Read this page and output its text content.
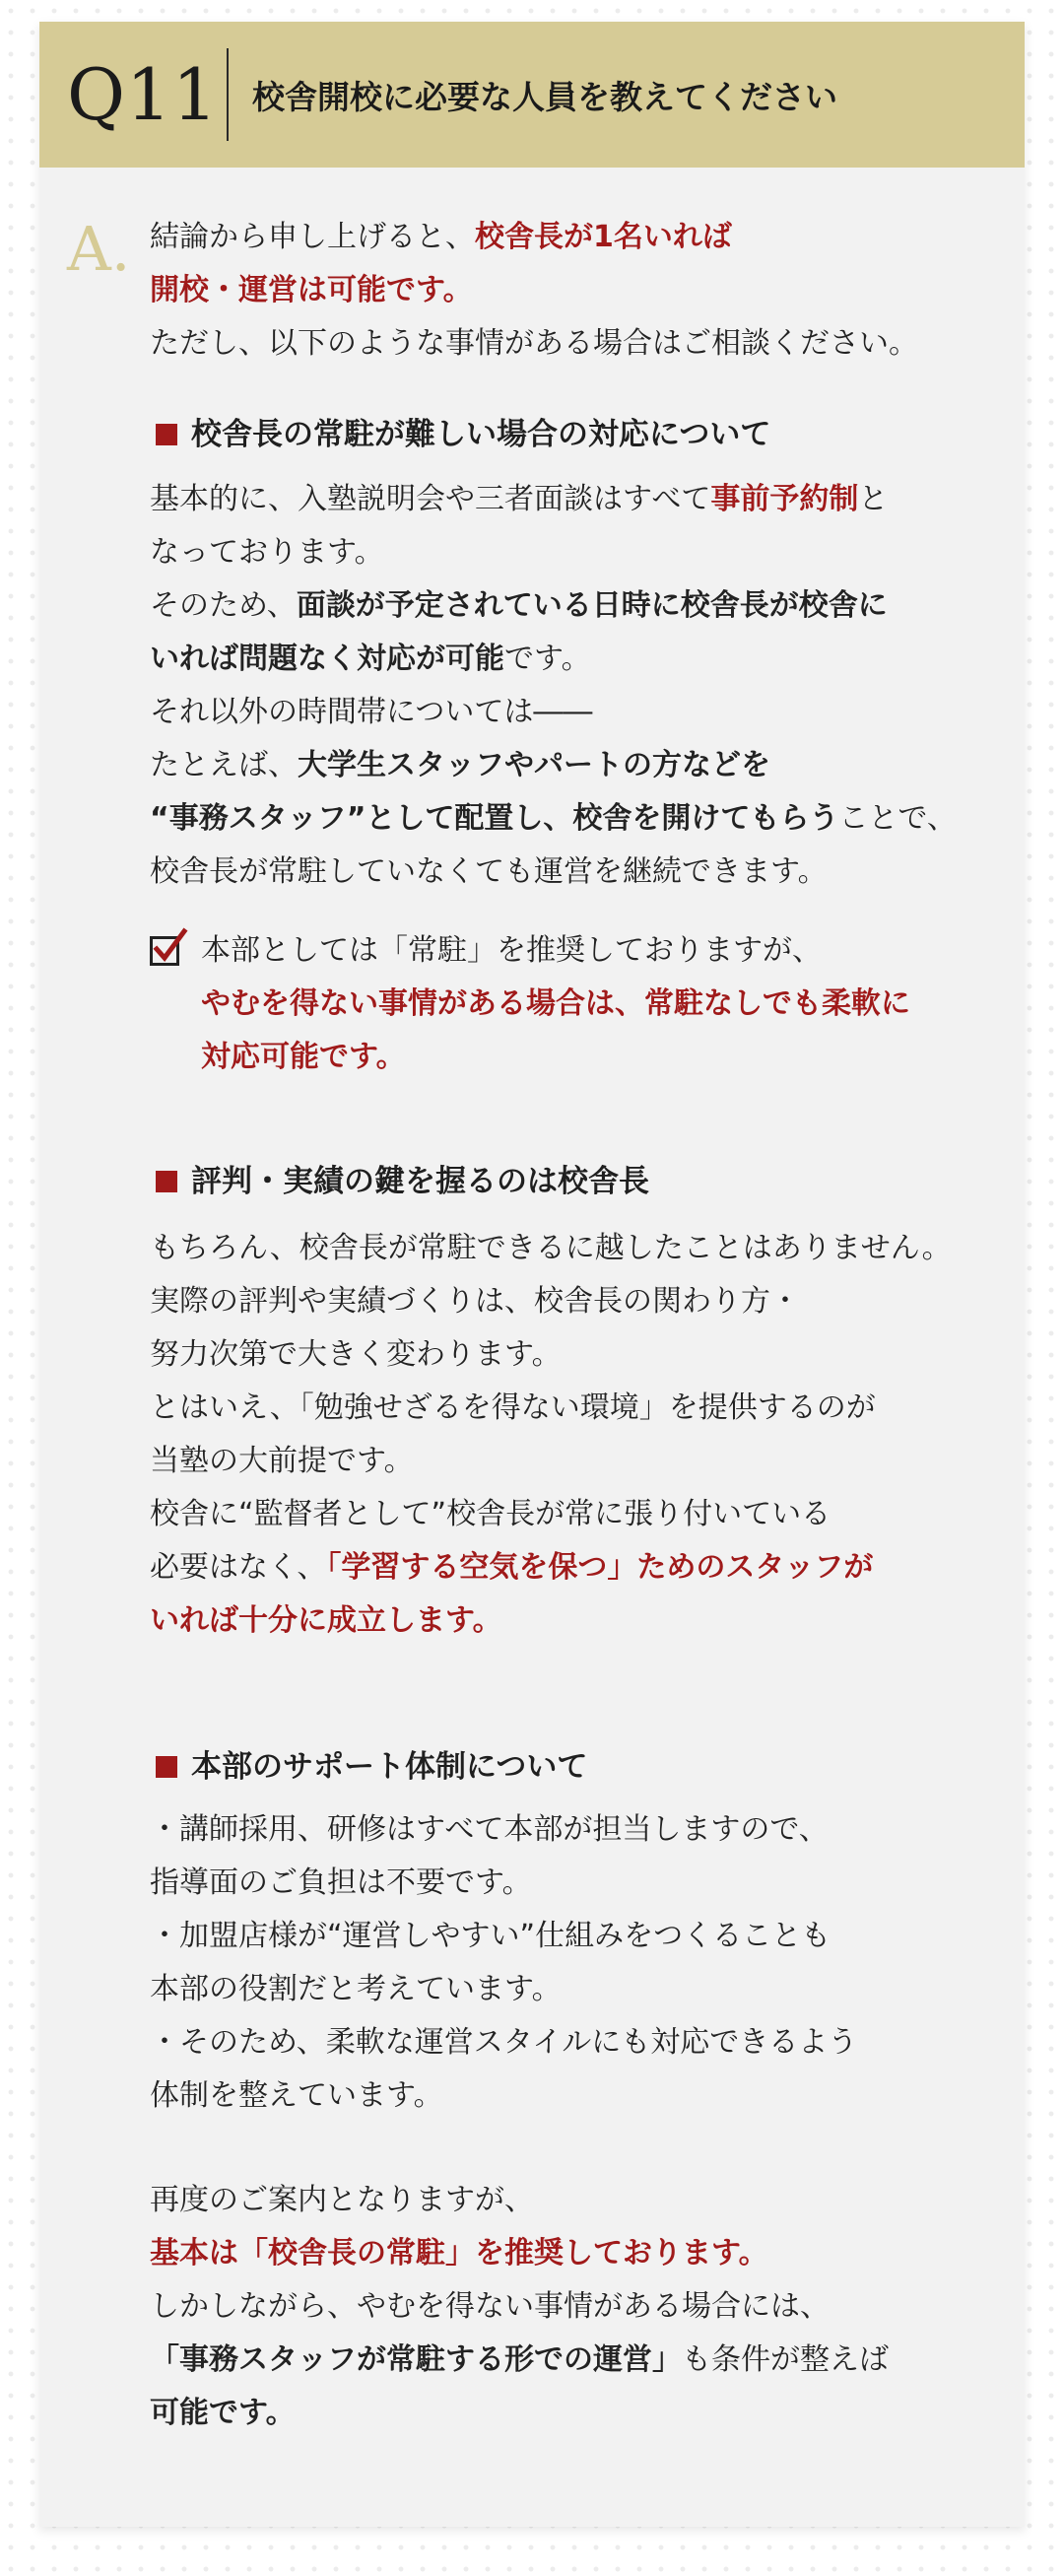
Q11 校舎開校に必要な人員を教えてください
A. 結論から申し上げると、校舎長が1名いれば

開校・運営は可能です。

ただし、以下のような事情がある場合はご相談ください。

校舎長の常駐が難しい場合の対応について

基本的に、入塾説明会や三者面談はすべて事前予約制と

なっております。

そのため、面談が予定されている日時に校舎長が校舎に

いれば問題なく対応が可能です。

それ以外の時間帯については――

たとえば、大学生スタッフやパートの方などを

“事務スタッフ”として配置し、校舎を開けてもらうことで、

校舎長が常駐していなくても運営を継続できます。

本部としては「常駐」を推奨しておりますが、

やむを得ない事情がある場合は、常駐なしでも柔軟に

対応可能です。

評判・実績の鍵を握るのは校舎長

もちろん、校舎長が常駐できるに越したことはありません。

実際の評判や実績づくりは、校舎長の関わり方・

努力次第で大きく変わります。

とはいえ、「勉強せざるを得ない環境」を提供するのが

当塾の大前提です。

校舎に“監督者として”校舎長が常に張り付いている

必要はなく、「学習する空気を保つ」ためのスタッフが

いれば十分に成立します。

本部のサポート体制について

・講師採用、研修はすべて本部が担当しますので、

指導面のご負担は不要です。

・加盟店様が“運営しやすい”仕組みをつくることも

本部の役割だと考えています。

・そのため、柔軟な運営スタイルにも対応できるよう

体制を整えています。

再度のご案内となりますが、

基本は「校舎長の常駐」を推奨しております。

しかしながら、やむを得ない事情がある場合には、

「事務スタッフが常駐する形での運営」も条件が整えば

可能です。
